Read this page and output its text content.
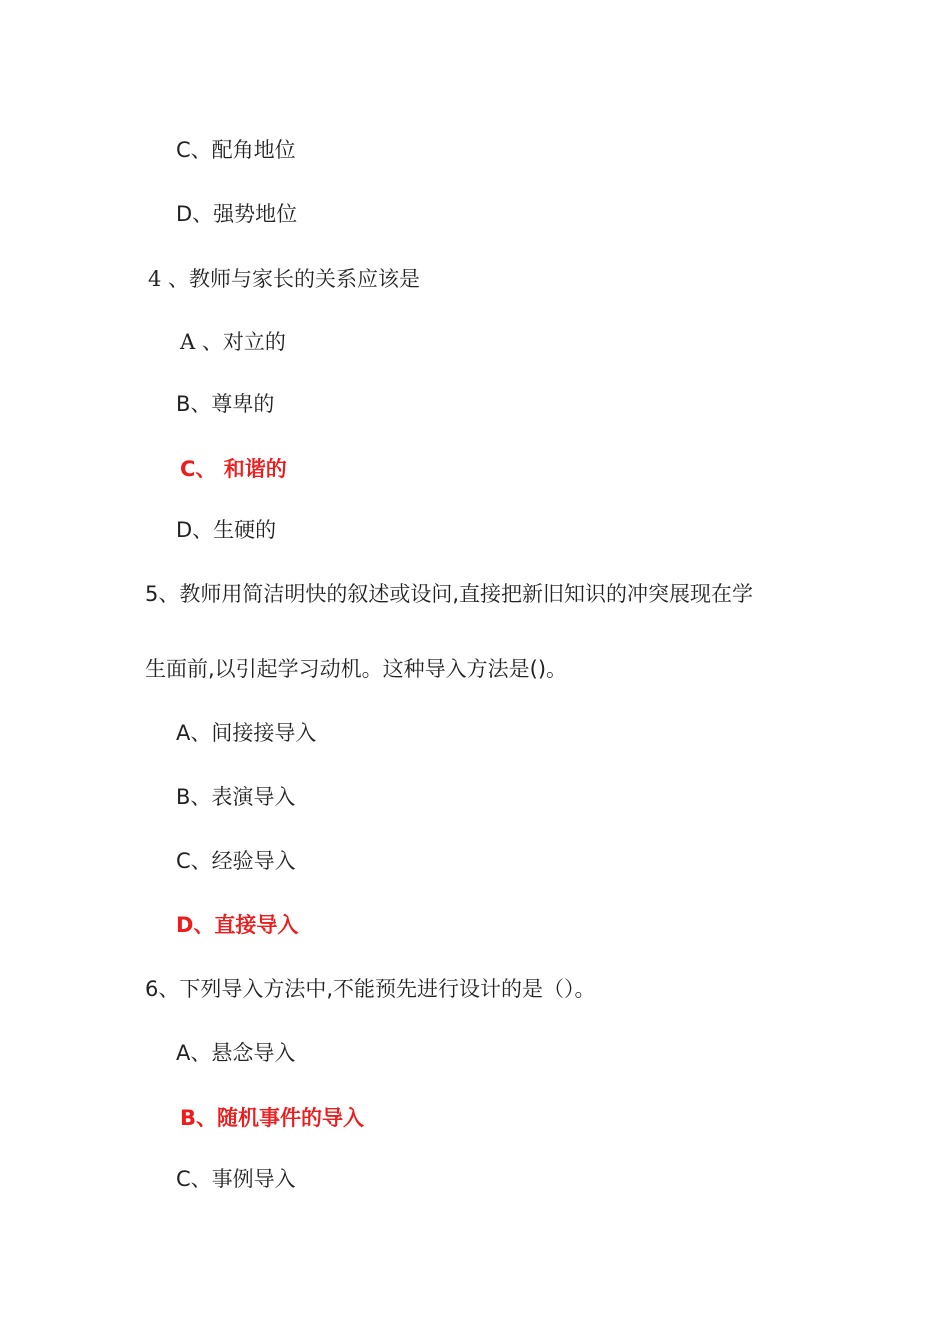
C、配角地位
D、强势地位
4 、教师与家长的关系应该是
A 、对立的
B、尊卑的
C、 和谐的
D、生硬的
5、教师用简洁明快的叙述或设问,直接把新旧知识的冲突展现在学
生面前,以引起学习动机。这种导入方法是()。
A、间接接导入
B、表演导入
C、经验导入
D、直接导入
6、下列导入方法中,不能预先进行设计的是（）。
A、悬念导入
B、随机事件的导入
C、事例导入
